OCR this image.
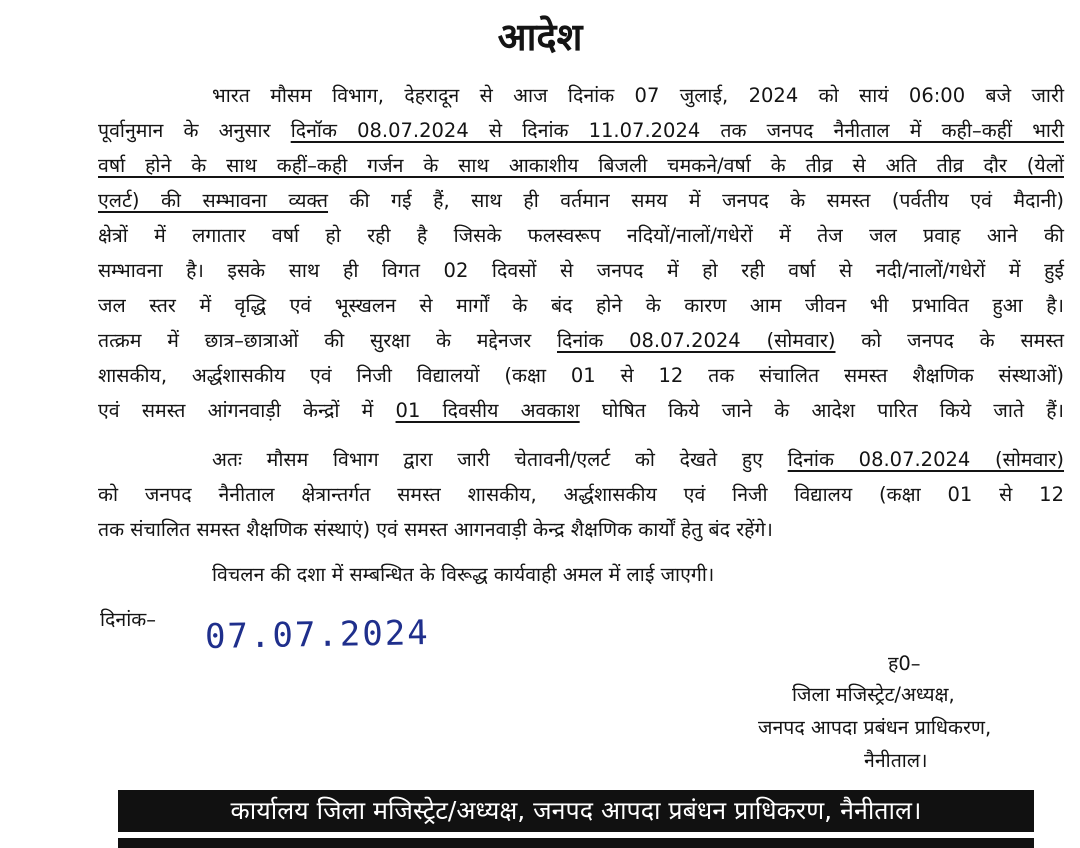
आदेश
भारत मौसम विभाग, देहरादून से आज दिनांक 07 जुलाई, 2024 को सायं 06:00 बजे जारी
पूर्वानुमान के अनुसार दिनॉक 08.07.2024 से दिनांक 11.07.2024 तक जनपद नैनीताल में कही–कहीं भारी
वर्षा होने के साथ कहीं–कही गर्जन के साथ आकाशीय बिजली चमकने/वर्षा के तीव्र से अति तीव्र दौर (येलों
एलर्ट) की सम्भावना व्यक्त की गई हैं, साथ ही वर्तमान समय में जनपद के समस्त (पर्वतीय एवं मैदानी)
क्षेत्रों में लगातार वर्षा हो रही है जिसके फलस्वरूप नदियों/नालों/गधेरों में तेज जल प्रवाह आने की
सम्भावना है। इसके साथ ही विगत 02 दिवसों से जनपद में हो रही वर्षा से नदी/नालों/गधेरों में हुई
जल स्तर में वृद्धि एवं भूस्खलन से मार्गों के बंद होने के कारण आम जीवन भी प्रभावित हुआ है।
तत्क्रम में छात्र–छात्राओं की सुरक्षा के मद्देनजर दिनांक 08.07.2024 (सोमवार) को जनपद के समस्त
शासकीय, अर्द्धशासकीय एवं निजी विद्यालयों (कक्षा 01 से 12 तक संचालित समस्त शैक्षणिक संस्थाओं)
एवं समस्त आंगनवाड़ी केन्द्रों में 01 दिवसीय अवकाश घोषित किये जाने के आदेश पारित किये जाते हैं।
अतः मौसम विभाग द्वारा जारी चेतावनी/एलर्ट को देखते हुए दिनांक 08.07.2024 (सोमवार)
को जनपद नैनीताल क्षेत्रान्तर्गत समस्त शासकीय, अर्द्धशासकीय एवं निजी विद्यालय (कक्षा 01 से 12
तक संचालित समस्त शैक्षणिक संस्थाएं) एवं समस्त आगनवाड़ी केन्द्र शैक्षणिक कार्यों हेतु बंद रहेंगे।
विचलन की दशा में सम्बन्धित के विरूद्ध कार्यवाही अमल में लाई जाएगी।
दिनांक– 07.07.2024
ह0–
जिला मजिस्ट्रेट/अध्यक्ष,
जनपद आपदा प्रबंधन प्राधिकरण,
नैनीताल।
कार्यालय जिला मजिस्ट्रेट/अध्यक्ष, जनपद आपदा प्रबंधन प्राधिकरण, नैनीताल।
